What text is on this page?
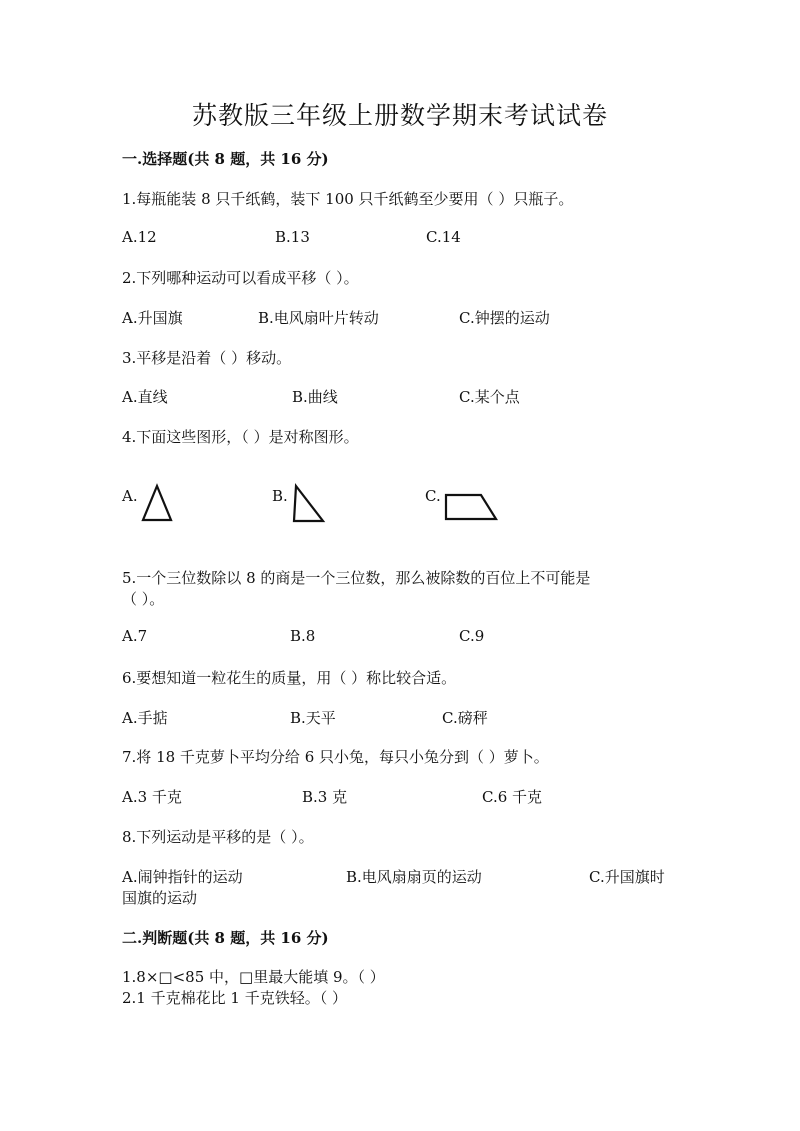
苏教版三年级上册数学期末考试试卷
一.选择题(共 8 题，共 16 分)
1.每瓶能装 8 只千纸鹤，装下 100 只千纸鹤至少要用（ ）只瓶子。
A.12	B.13	C.14
2.下列哪种运动可以看成平移（ ）。
A.升国旗	B.电风扇叶片转动	C.钟摆的运动
3.平移是沿着（ ）移动。
A.直线	B.曲线	C.某个点
4.下面这些图形，（ ）是对称图形。
A.	B.	C.
5.一个三位数除以 8 的商是一个三位数，那么被除数的百位上不可能是
（ ）。
A.7	B.8	C.9
6.要想知道一粒花生的质量，用（ ）称比较合适。
A.手掂	B.天平	C.磅秤
7.将 18 千克萝卜平均分给 6 只小兔，每只小兔分到（ ）萝卜。
A.3 千克	B.3 克	C.6 千克
8.下列运动是平移的是（ ）。
A.闹钟指针的运动	B.电风扇扇页的运动	C.升国旗时
国旗的运动
二.判断题(共 8 题，共 16 分)
1.8×□<85 中，□里最大能填 9。（ ）
2.1 千克棉花比 1 千克铁轻。（ ）
